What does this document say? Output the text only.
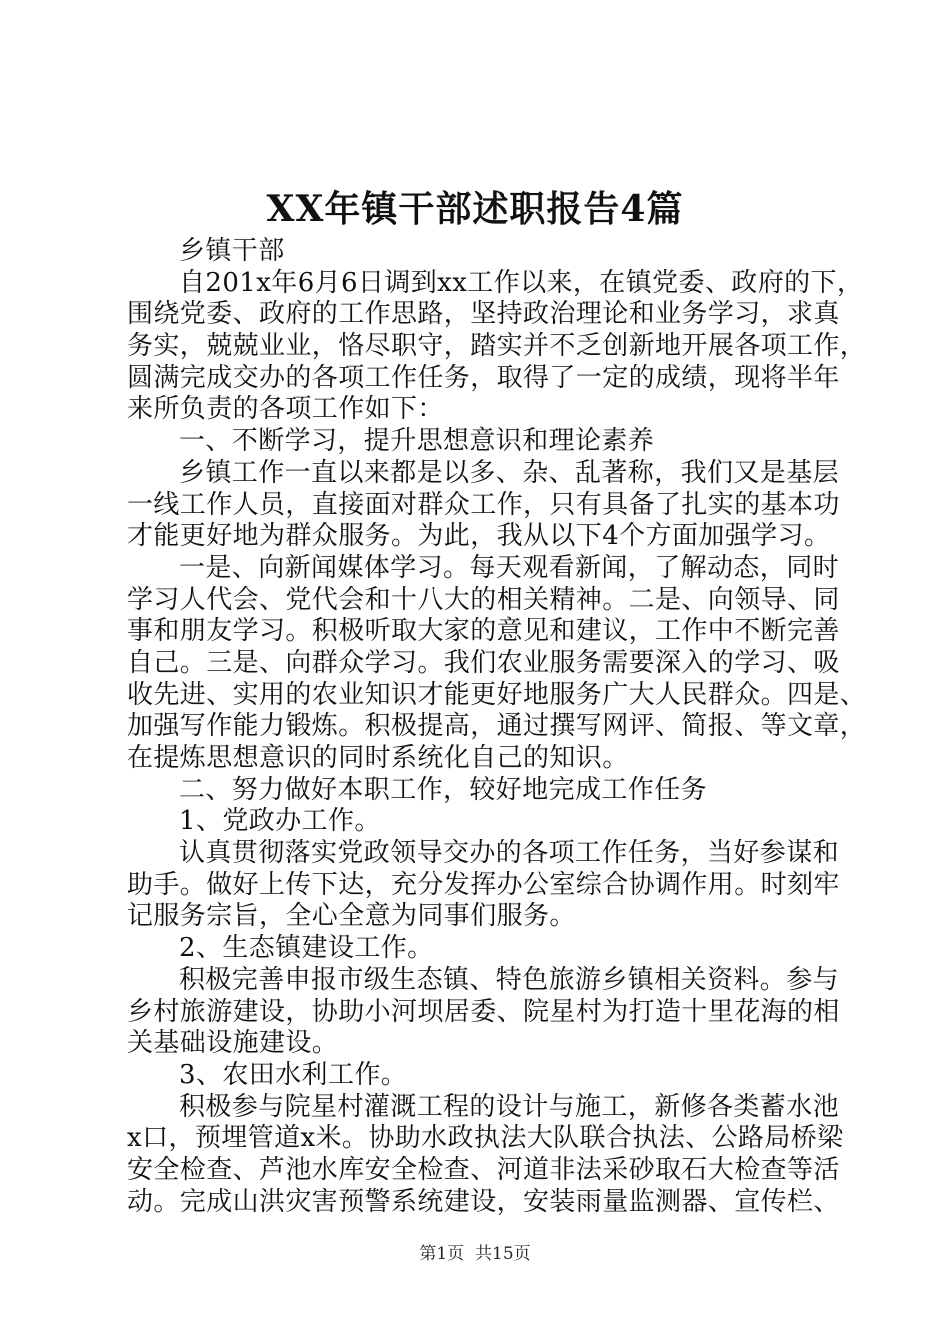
XX年镇干部述职报告4篇
乡镇干部
自201x年6月6日调到xx工作以来，在镇党委、政府的下，
围绕党委、政府的工作思路，坚持政治理论和业务学习，求真
务实，兢兢业业，恪尽职守，踏实并不乏创新地开展各项工作，
圆满完成交办的各项工作任务，取得了一定的成绩，现将半年
来所负责的各项工作如下：
一、不断学习，提升思想意识和理论素养
乡镇工作一直以来都是以多、杂、乱著称，我们又是基层
一线工作人员，直接面对群众工作，只有具备了扎实的基本功
才能更好地为群众服务。为此，我从以下4个方面加强学习。
一是、向新闻媒体学习。每天观看新闻，了解动态，同时
学习人代会、党代会和十八大的相关精神。二是、向领导、同
事和朋友学习。积极听取大家的意见和建议，工作中不断完善
自己。三是、向群众学习。我们农业服务需要深入的学习、吸
收先进、实用的农业知识才能更好地服务广大人民群众。四是、
加强写作能力锻炼。积极提高，通过撰写网评、简报、等文章，
在提炼思想意识的同时系统化自己的知识。
二、努力做好本职工作，较好地完成工作任务
1、党政办工作。
认真贯彻落实党政领导交办的各项工作任务，当好参谋和
助手。做好上传下达，充分发挥办公室综合协调作用。时刻牢
记服务宗旨，全心全意为同事们服务。
2、生态镇建设工作。
积极完善申报市级生态镇、特色旅游乡镇相关资料。参与
乡村旅游建设，协助小河坝居委、院星村为打造十里花海的相
关基础设施建设。
3、农田水利工作。
积极参与院星村灌溉工程的设计与施工，新修各类蓄水池
x口，预埋管道x米。协助水政执法大队联合执法、公路局桥梁
安全检查、芦池水库安全检查、河道非法采砂取石大检查等活
动。完成山洪灾害预警系统建设，安装雨量监测器、宣传栏、
第1页 共15页
